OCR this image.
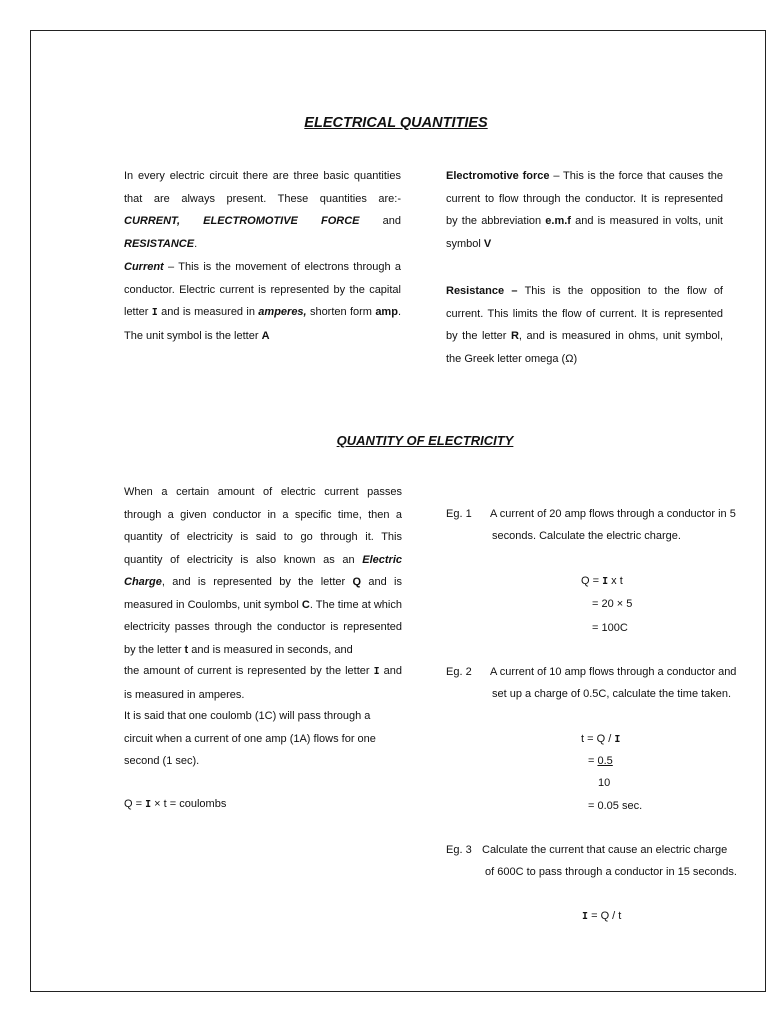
ELECTRICAL QUANTITIES
In every electric circuit there are three basic quantities that are always present. These quantities are:- CURRENT, ELECTROMOTIVE FORCE and RESISTANCE.
Current – This is the movement of electrons through a conductor. Electric current is represented by the capital letter I and is measured in amperes, shorten form amp. The unit symbol is the letter A
Electromotive force – This is the force that causes the current to flow through the conductor. It is represented by the abbreviation e.m.f and is measured in volts, unit symbol V
Resistance – This is the opposition to the flow of current. This limits the flow of current. It is represented by the letter R, and is measured in ohms, unit symbol, the Greek letter omega (Ω)
QUANTITY OF ELECTRICITY
When a certain amount of electric current passes through a given conductor in a specific time, then a quantity of electricity is said to go through it. This quantity of electricity is also known as an Electric Charge, and is represented by the letter Q and is measured in Coulombs, unit symbol C. The time at which electricity passes through the conductor is represented by the letter t and is measured in seconds, and
the amount of current is represented by the letter I and is measured in amperes.
It is said that one coulomb (1C) will pass through a circuit when a current of one amp (1A) flows for one second (1 sec).
Q = I × t = coulombs
Eg. 1 A current of 20 amp flows through a conductor in 5
seconds. Calculate the electric charge.
Q = I x t
= 20 × 5
= 100C
Eg. 2 A current of 10 amp flows through a conductor and
set up a charge of 0.5C, calculate the time taken.
t = Q / I
= 0.5
10
= 0.05 sec.
Eg. 3 Calculate the current that cause an electric charge
of 600C to pass through a conductor in 15 seconds.
I = Q / t
